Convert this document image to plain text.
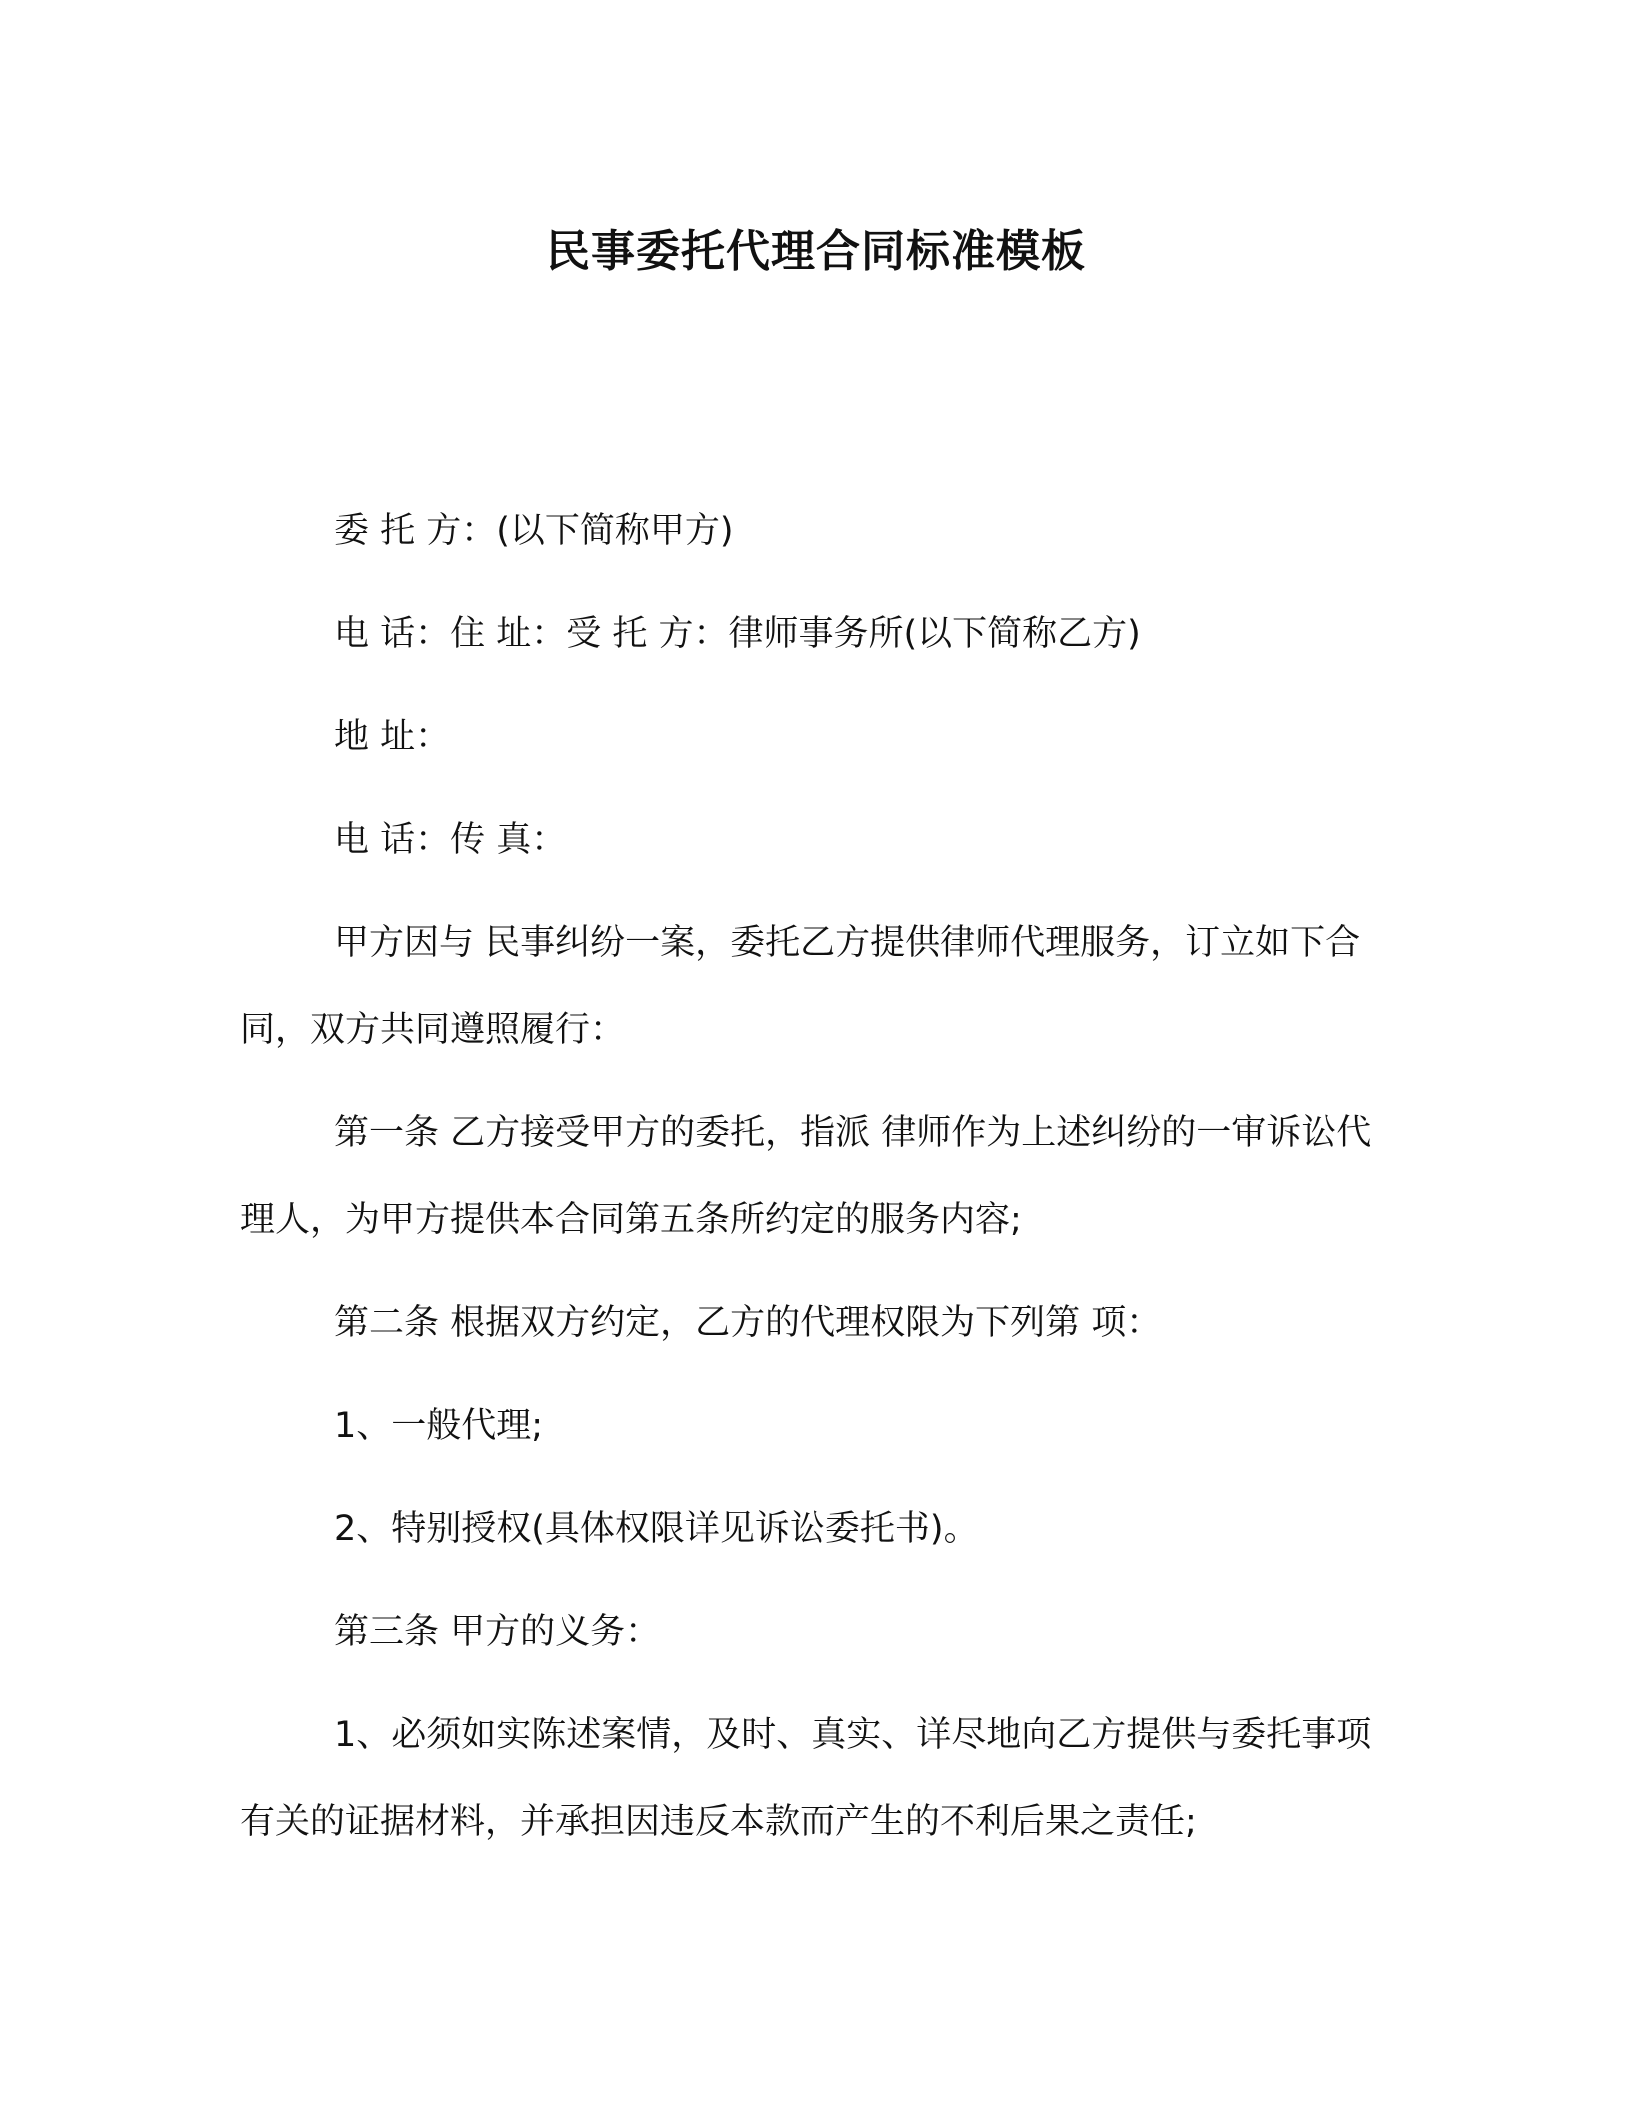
民事委托代理合同标准模板

委 托 方：(以下简称甲方)

电 话：住 址：受 托 方：律师事务所(以下简称乙方)

地 址：

电 话：传 真：

甲方因与 民事纠纷一案，委托乙方提供律师代理服务，订立如下合同，双方共同遵照履行：

第一条 乙方接受甲方的委托，指派 律师作为上述纠纷的一审诉讼代理人，为甲方提供本合同第五条所约定的服务内容;

第二条 根据双方约定，乙方的代理权限为下列第 项：

1、一般代理;

2、特别授权(具体权限详见诉讼委托书)。

第三条 甲方的义务：

1、必须如实陈述案情，及时、真实、详尽地向乙方提供与委托事项有关的证据材料，并承担因违反本款而产生的不利后果之责任;
